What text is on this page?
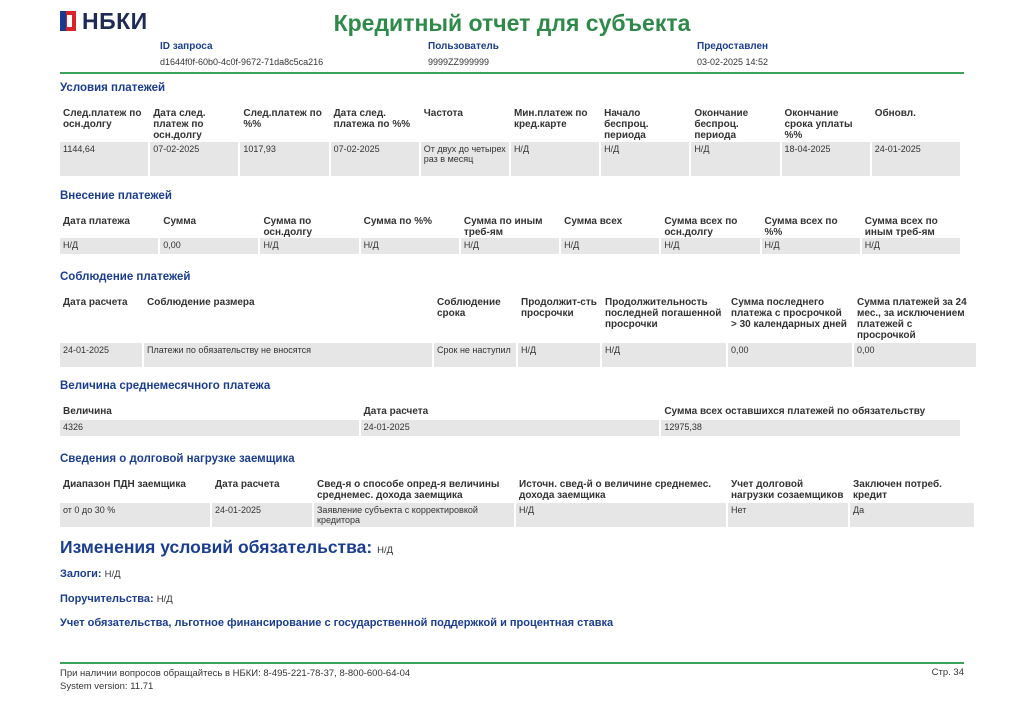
НБКИ	Кредитный отчет для субъекта
ID запроса
d1644f0f-60b0-4c0f-9672-71da8c5ca216
Пользователь
9999ZZ999999
Предоставлен
03-02-2025 14:52
Условия платежей
След.платеж по осн.долгу	Дата след. платеж по осн.долгу	След.платеж по %%	Дата след. платежа по %%	Частота	Мин.платеж по кред.карте	Начало беспроц. периода	Окончание беспроц. периода	Окончание срока уплаты %%	Обновл.
1144,64	07-02-2025	1017,93	07-02-2025	От двух до четырех раз в месяц	Н/Д	Н/Д	Н/Д	18-04-2025	24-01-2025
Внесение платежей
Дата платежа	Сумма	Сумма по осн.долгу	Сумма по %%	Сумма по иным треб-ям	Сумма всех	Сумма всех по осн.долгу	Сумма всех по %%	Сумма всех по иным треб-ям
Н/Д	0,00	Н/Д	Н/Д	Н/Д	Н/Д	Н/Д	Н/Д	Н/Д
Соблюдение платежей
Дата расчета	Соблюдение размера	Соблюдение срока	Продолжит-сть просрочки	Продолжительность последней погашенной просрочки	Сумма последнего платежа с просрочкой > 30 календарных дней	Сумма платежей за 24 мес., за исключением платежей с просрочкой
24-01-2025	Платежи по обязательству не вносятся	Срок не наступил	Н/Д	Н/Д	0,00	0,00
Величина среднемесячного платежа
Величина	Дата расчета	Сумма всех оставшихся платежей по обязательству
4326	24-01-2025	12975,38
Сведения о долговой нагрузке заемщика
Диапазон ПДН заемщика	Дата расчета	Свед-я о способе опред-я величины среднемес. дохода заемщика	Источн. свед-й о величине среднемес. дохода заемщика	Учет долговой нагрузки созаемщиков	Заключен потреб. кредит
от 0 до 30 %	24-01-2025	Заявление субъекта с корректировкой кредитора	Н/Д	Нет	Да
Изменения условий обязательства: Н/Д
Залоги: Н/Д
Поручительства: Н/Д
Учет обязательства, льготное финансирование с государственной поддержкой и процентная ставка
При наличии вопросов обращайтесь в НБКИ: 8-495-221-78-37, 8-800-600-64-04
System version: 11.71
Стр. 34
